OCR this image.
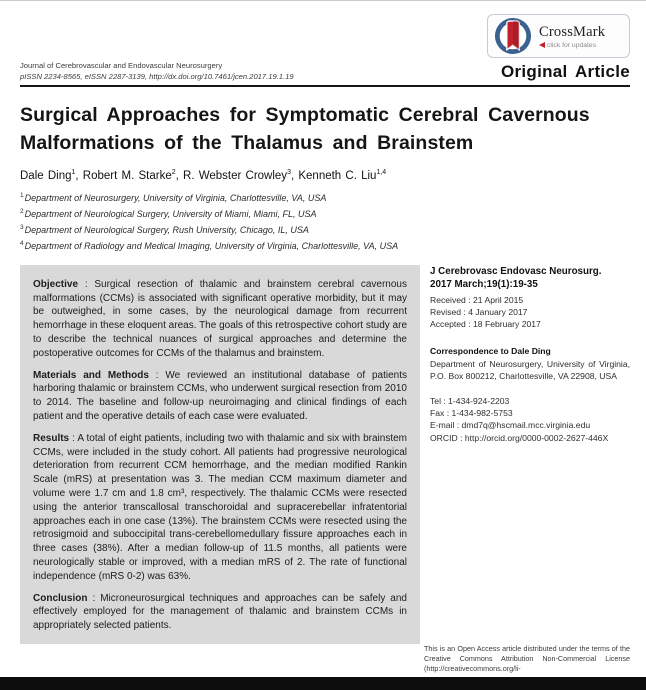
CrossMark
click for updates
Journal of Cerebrovascular and Endovascular Neurosurgery
pISSN 2234-8565, eISSN 2287-3139, http://dx.doi.org/10.7461/jcen.2017.19.1.19	Original Article
Surgical Approaches for Symptomatic Cerebral Cavernous
Malformations of the Thalamus and Brainstem
Dale Ding$^1$, Robert M. Starke$^2$, R. Webster Crowley$^3$, Kenneth C. Liu$^{1,4}$
$^1$Department of Neurosurgery, University of Virginia, Charlottesville, VA, USA
$^2$Department of Neurological Surgery, University of Miami, Miami, FL, USA
$^3$Department of Neurological Surgery, Rush University, Chicago, IL, USA
$^4$Department of Radiology and Medical Imaging, University of Virginia, Charlottesville, VA, USA

Objective : Surgical resection of thalamic and brainstem cerebral cavernous malformations (CCMs) is associated with significant operative morbidity, but it may be outweighed, in some cases, by the neurological damage from recurrent hemorrhage in these eloquent areas. The goals of this retrospective cohort study are to describe the technical nuances of surgical approaches and determine the postoperative outcomes for CCMs of the thalamus and brainstem.

Materials and Methods : We reviewed an institutional database of patients harboring thalamic or brainstem CCMs, who underwent surgical resection from 2010 to 2014. The baseline and follow-up neuroimaging and clinical findings of each patient and the operative details of each case were evaluated.

Results : A total of eight patients, including two with thalamic and six with brainstem CCMs, were included in the study cohort. All patients had progressive neurological deterioration from recurrent CCM hemorrhage, and the median modified Rankin Scale (mRS) at presentation was 3. The median CCM maximum diameter and volume were 1.7 cm and 1.8 cm³, respectively. The thalamic CCMs were resected using the anterior transcallosal transchoroidal and supracerebellar infratentorial approaches each in one case (13%). The brainstem CCMs were resected using the retrosigmoid and suboccipital trans-cerebellomedullary fissure approaches each in three cases (38%). After a median follow-up of 11.5 months, all patients were neurologically stable or improved, with a median mRS of 2. The rate of functional independence (mRS 0-2) was 63%.

Conclusion : Microneurosurgical techniques and approaches can be safely and effectively employed for the management of thalamic and brainstem CCMs in appropriately selected patients.

J Cerebrovasc Endovasc Neurosurg.
2017 March;19(1):19-35
Received : 21 April 2015
Revised : 4 January 2017
Accepted : 18 February 2017
Correspondence to Dale Ding
Department of Neurosurgery, University of Virginia, P.O. Box 800212, Charlottesville, VA 22908, USA
Tel : 1-434-924-2203
Fax : 1-434-982-5753
E-mail : dmd7q@hscmail.mcc.virginia.edu
ORCID : http://orcid.org/0000-0002-2627-446X
This is an Open Access article distributed under the terms of the Creative Commons Attribution Non-Commercial License (http://creativecommons.org/li-
